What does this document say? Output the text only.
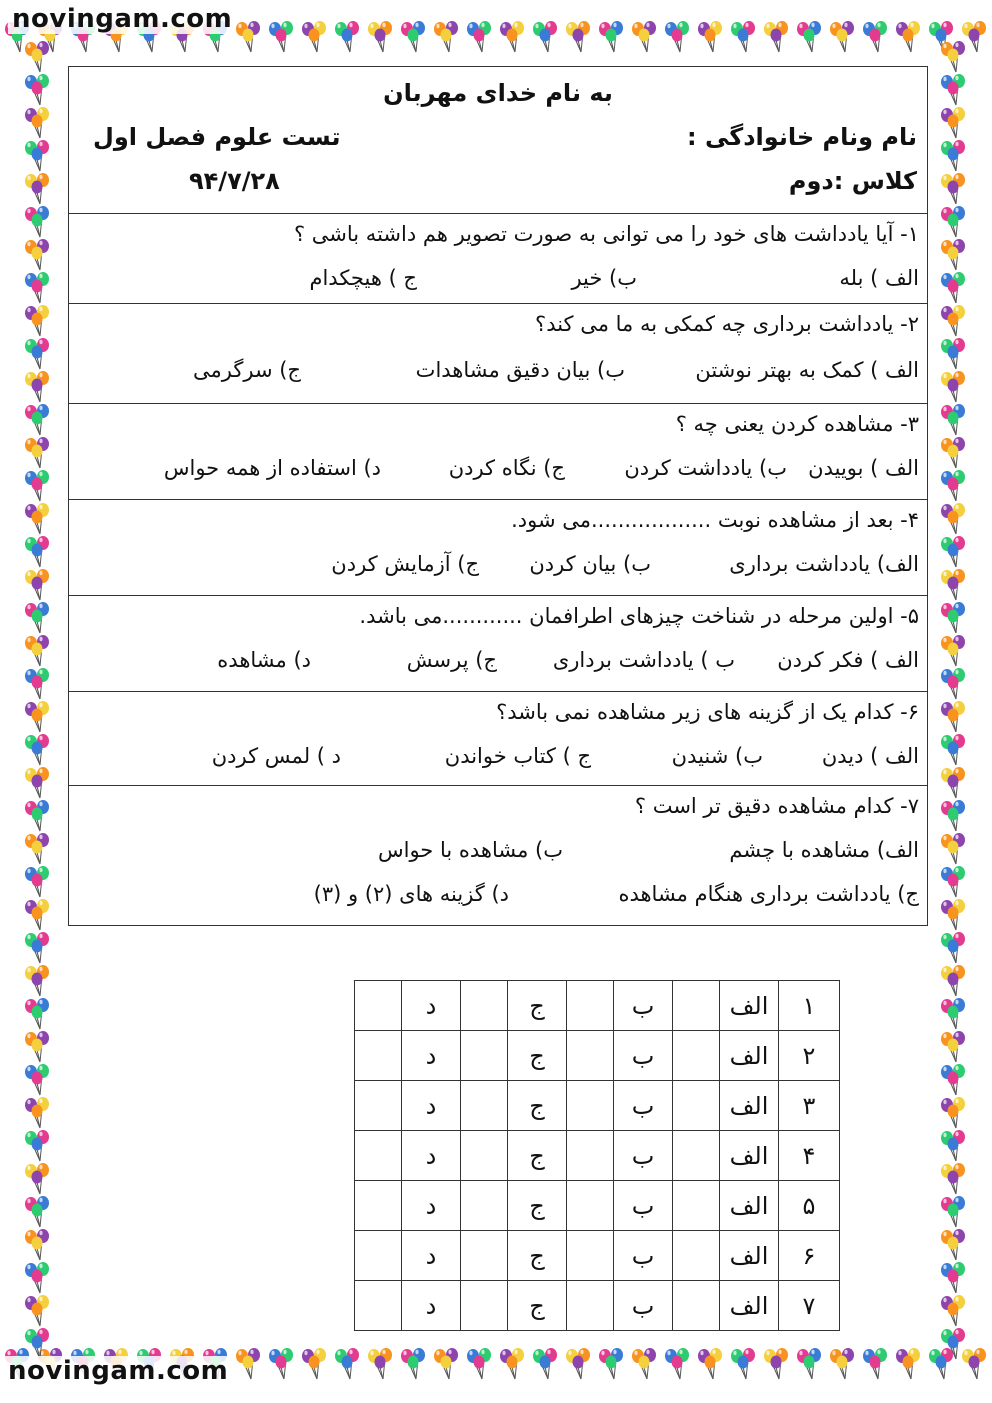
novingam.com
novingam.com
به نام خدای مهربان
نام ونام خانوادگی :
تست علوم فصل اول
کلاس :دوم
۹۴/۷/۲۸
۱- آیا یادداشت های خود را می توانی به صورت تصویر هم داشته باشی ؟
الف ) بله
ب) خیر
ج ) هیچکدام
۲- یادداشت برداری چه کمکی به ما می کند؟
الف ) کمک به بهتر نوشتن
ب) بیان دقیق مشاهدات
ج) سرگرمی
۳- مشاهده کردن یعنی چه ؟
الف ) بوییدن
ب) یادداشت کردن
ج) نگاه کردن
د) استفاده از همه حواس
۴- بعد از مشاهده نوبت ..................می شود.
الف) یادداشت برداری
ب) بیان کردن
ج) آزمایش کردن
۵- اولین مرحله در شناخت چیزهای اطرافمان ............می باشد.
الف ) فکر کردن
ب ) یادداشت برداری
ج) پرسش
د) مشاهده
۶- کدام یک از گزینه های زیر مشاهده نمی باشد؟
الف ) دیدن
ب) شنیدن
ج ) کتاب خواندن
د ) لمس کردن
۷- کدام مشاهده دقیق تر است ؟
الف) مشاهده با چشم
ب) مشاهده با حواس
ج) یادداشت برداری هنگام مشاهده
د) گزینه های (۲) و (۳)
۱	الف		ب		ج		د	
۲	الف		ب		ج		د	
۳	الف		ب		ج		د	
۴	الف		ب		ج		د	
۵	الف		ب		ج		د	
۶	الف		ب		ج		د	
۷	الف		ب		ج		د	
